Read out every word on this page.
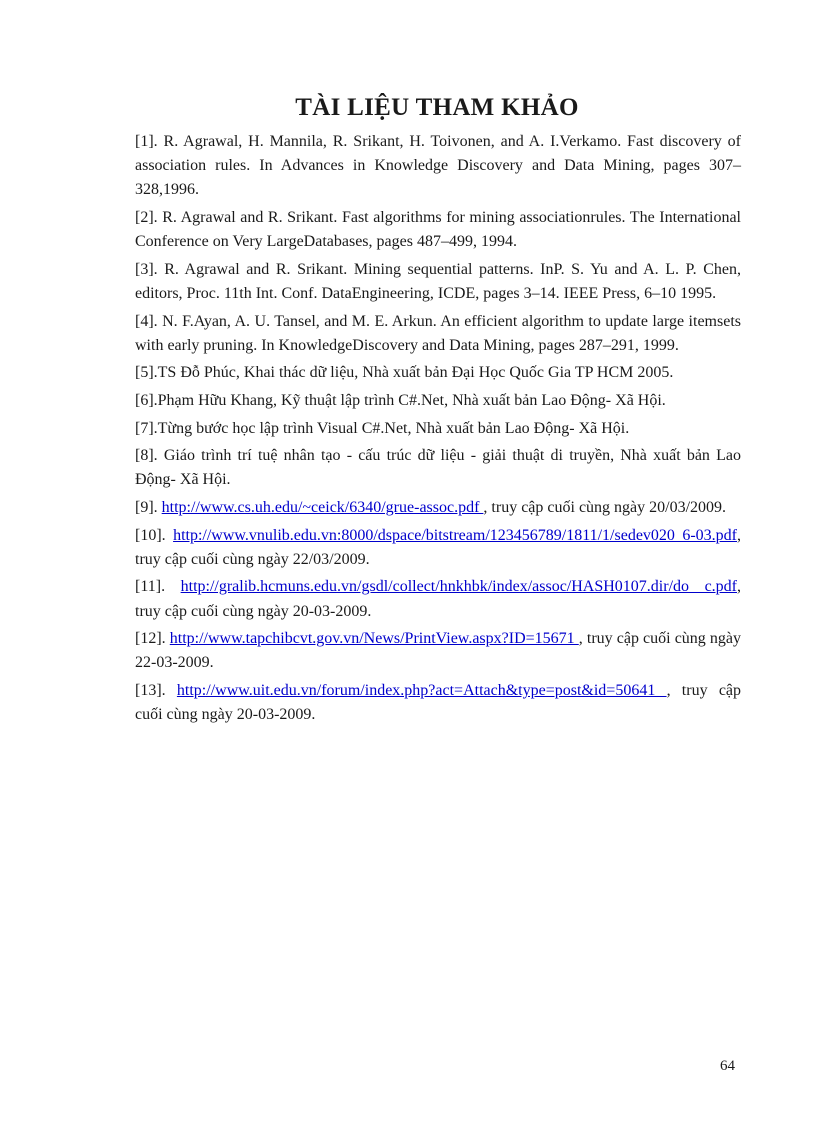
TÀI LIỆU THAM KHẢO

[1]. R. Agrawal, H. Mannila, R. Srikant, H. Toivonen, and A. I.Verkamo. Fast discovery of association rules. In Advances in Knowledge Discovery and Data Mining, pages 307–328,1996.

[2]. R. Agrawal and R. Srikant. Fast algorithms for mining associationrules. The International Conference on Very LargeDatabases, pages 487–499, 1994.

[3]. R. Agrawal and R. Srikant. Mining sequential patterns. InP. S. Yu and A. L. P. Chen, editors, Proc. 11th Int. Conf. DataEngineering, ICDE, pages 3–14. IEEE Press, 6–10 1995.

[4]. N. F.Ayan, A. U. Tansel, and M. E. Arkun. An efficient algorithm to update large itemsets with early pruning. In KnowledgeDiscovery and Data Mining, pages 287–291, 1999.

[5].TS Đỗ Phúc, Khai thác dữ liệu, Nhà xuất bản Đại Học Quốc Gia TP HCM 2005.

[6].Phạm Hữu Khang, Kỹ thuật lập trình C#.Net, Nhà xuất bản Lao Động- Xã Hội.

[7].Từng bước học lập trình Visual C#.Net, Nhà xuất bản Lao Động- Xã Hội.

[8]. Giáo trình trí tuệ nhân tạo - cấu trúc dữ liệu - giải thuật di truyền, Nhà xuất bản Lao Động- Xã Hội.

[9]. http://www.cs.uh.edu/~ceick/6340/grue-assoc.pdf , truy cập cuối cùng ngày 20/03/2009.

[10]. http://www.vnulib.edu.vn:8000/dspace/bitstream/123456789/1811/1/sedev020 6-03.pdf, truy cập cuối cùng ngày 22/03/2009.

[11]. http://gralib.hcmuns.edu.vn/gsdl/collect/hnkhbk/index/assoc/HASH0107.dir/do c.pdf, truy cập cuối cùng ngày 20-03-2009.

[12]. http://www.tapchibcvt.gov.vn/News/PrintView.aspx?ID=15671 , truy cập cuối cùng ngày 22-03-2009.

[13]. http://www.uit.edu.vn/forum/index.php?act=Attach&type=post&id=50641 , truy cập cuối cùng ngày 20-03-2009.

64
